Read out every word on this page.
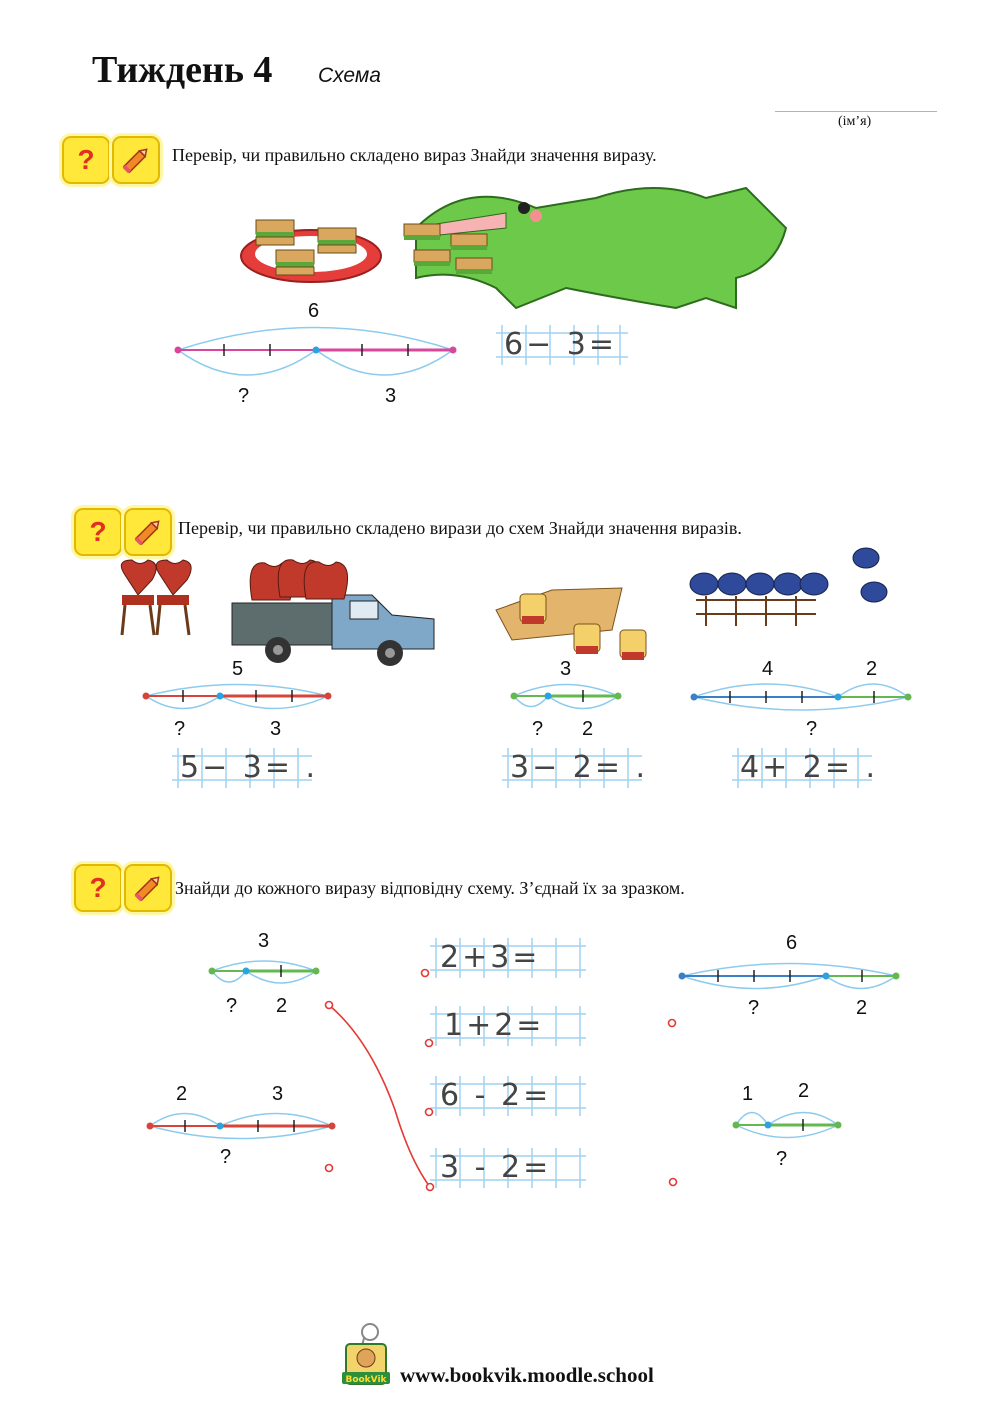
Тиждень 4 Схема
(ім’я)
?	Перевір, чи правильно складено вираз Знайди значення виразу.
6
?	3
6− 3=
?	Перевір, чи правильно складено вирази до схем Знайди значення виразів.
5
?	3
3
? 2
4	2
?
5− 3= .	3− 2= .	4+ 2= .
?	Знайди до кожного виразу відповідну схему. З’єднай їх за зразком.
3
? 2
2	3
?
6
?	2
1 2
?
2+3=
1+2=
6 - 2=
3 - 2=
BookVik www.bookvik.moodle.school
